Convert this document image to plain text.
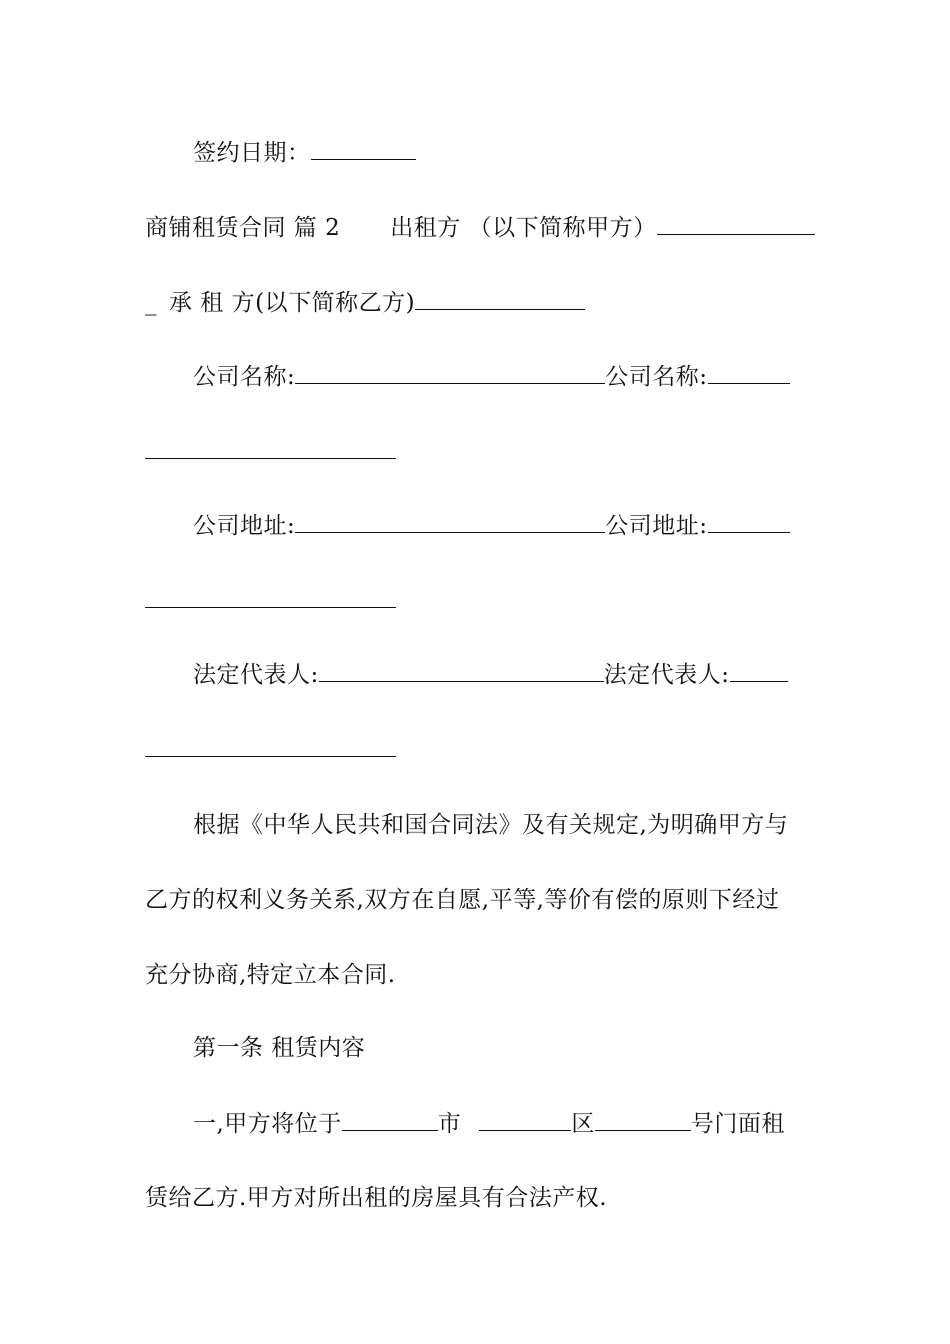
签约日期：
商铺租赁合同 篇 2 出租方 （以下简称甲方）
_ 承 租 方(以下简称乙方)
公司名称:	公司名称:
公司地址:	公司地址:
法定代表人:	法定代表人:
根据《中华人民共和国合同法》及有关规定,为明确甲方与
乙方的权利义务关系,双方在自愿,平等,等价有偿的原则下经过
充分协商,特定立本合同.
第一条 租赁内容
一,甲方将位于	市	区	号门面租
赁给乙方.甲方对所出租的房屋具有合法产权.
